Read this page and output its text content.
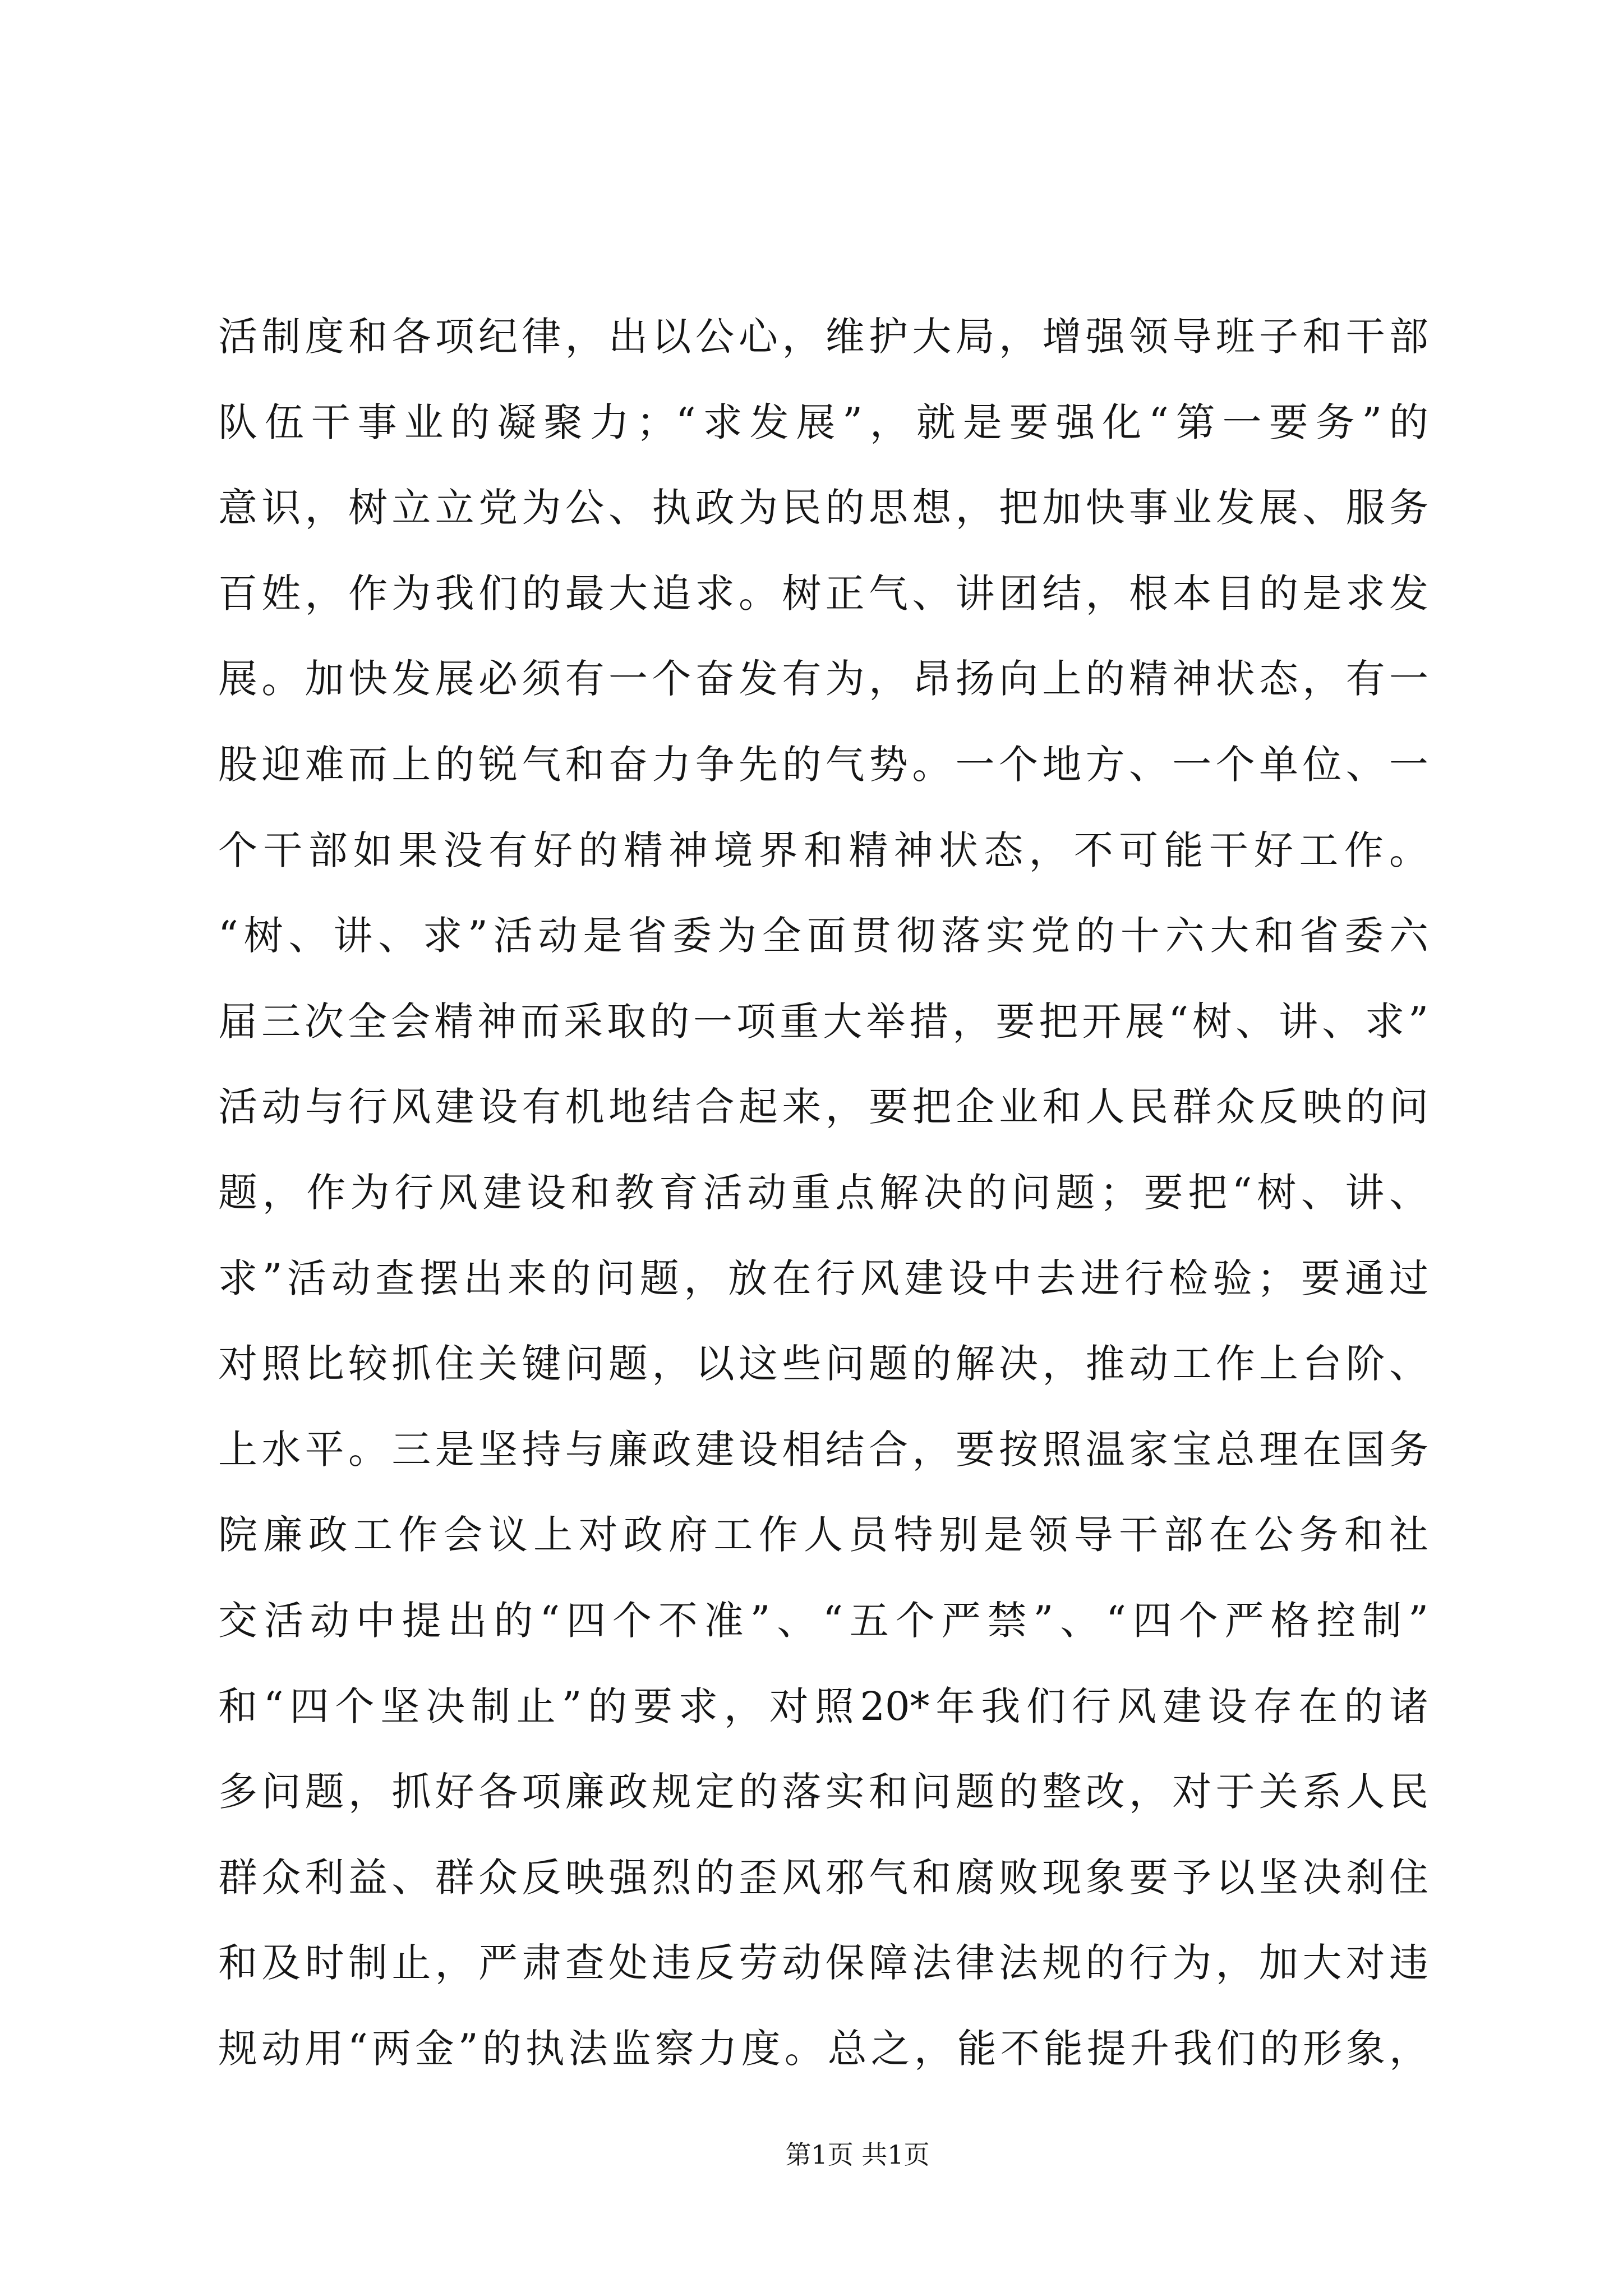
活制度和各项纪律，出以公心，维护大局，增强领导班子和干部
队伍干事业的凝聚力；“求发展”，就是要强化“第一要务”的
意识，树立立党为公、执政为民的思想，把加快事业发展、服务
百姓，作为我们的最大追求。树正气、讲团结，根本目的是求发
展。加快发展必须有一个奋发有为，昂扬向上的精神状态，有一
股迎难而上的锐气和奋力争先的气势。一个地方、一个单位、一
个干部如果没有好的精神境界和精神状态，不可能干好工作。
“树、讲、求”活动是省委为全面贯彻落实党的十六大和省委六
届三次全会精神而采取的一项重大举措，要把开展“树、讲、求”
活动与行风建设有机地结合起来，要把企业和人民群众反映的问
题，作为行风建设和教育活动重点解决的问题；要把“树、讲、
求”活动查摆出来的问题，放在行风建设中去进行检验；要通过
对照比较抓住关键问题，以这些问题的解决，推动工作上台阶、
上水平。三是坚持与廉政建设相结合，要按照温家宝总理在国务
院廉政工作会议上对政府工作人员特别是领导干部在公务和社
交活动中提出的“四个不准”、“五个严禁”、“四个严格控制”
和“四个坚决制止”的要求，对照20*年我们行风建设存在的诸
多问题，抓好各项廉政规定的落实和问题的整改，对于关系人民
群众利益、群众反映强烈的歪风邪气和腐败现象要予以坚决刹住
和及时制止，严肃查处违反劳动保障法律法规的行为，加大对违
规动用“两金”的执法监察力度。总之，能不能提升我们的形象，
第1页 共1页
